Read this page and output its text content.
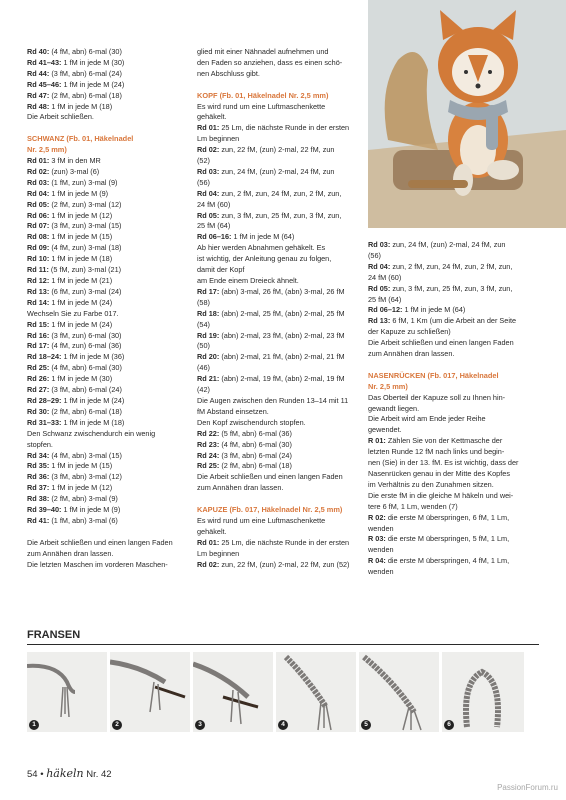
Rd 40: (4 fM, abn) 6-mal (30)

Rd 41–43: 1 fM in jede M (30)

Rd 44: (3 fM, abn) 6-mal (24)

Rd 45–46: 1 fM in jede M (24)

Rd 47: (2 fM, abn) 6-mal (18)

Rd 48: 1 fM in jede M (18)

Die Arbeit schließen.

SCHWANZ (Fb. 01, Häkelnadel

Nr. 2,5 mm)

Rd 01: 3 fM in den MR

Rd 02: (zun) 3-mal (6)

Rd 03: (1 fM, zun) 3-mal (9)

Rd 04: 1 fM in jede M (9)

Rd 05: (2 fM, zun) 3-mal (12)

Rd 06: 1 fM in jede M (12)

Rd 07: (3 fM, zun) 3-mal (15)

Rd 08: 1 fM in jede M (15)

Rd 09: (4 fM, zun) 3-mal (18)

Rd 10: 1 fM in jede M (18)

Rd 11: (5 fM, zun) 3-mal (21)

Rd 12: 1 fM in jede M (21)

Rd 13: (6 fM, zun) 3-mal (24)

Rd 14: 1 fM in jede M (24)

Wechseln Sie zu Farbe 017.

Rd 15: 1 fM in jede M (24)

Rd 16: (3 fM, zun) 6-mal (30)

Rd 17: (4 fM, zun) 6-mal (36)

Rd 18–24: 1 fM in jede M (36)

Rd 25: (4 fM, abn) 6-mal (30)

Rd 26: 1 fM in jede M (30)

Rd 27: (3 fM, abn) 6-mal (24)

Rd 28–29: 1 fM in jede M (24)

Rd 30: (2 fM, abn) 6-mal (18)

Rd 31–33: 1 fM in jede M (18)

Den Schwanz zwischendurch ein wenig

stopfen.

Rd 34: (4 fM, abn) 3-mal (15)

Rd 35: 1 fM in jede M (15)

Rd 36: (3 fM, abn) 3-mal (12)

Rd 37: 1 fM in jede M (12)

Rd 38: (2 fM, abn) 3-mal (9)

Rd 39–40: 1 fM in jede M (9)

Rd 41: (1 fM, abn) 3-mal (6)

Die Arbeit schließen und einen langen Faden

zum Annähen dran lassen.

Die letzten Maschen im vorderen Maschen-

glied mit einer Nähnadel aufnehmen und

den Faden so anziehen, dass es einen schö-

nen Abschluss gibt.

KOPF (Fb. 01, Häkelnadel Nr. 2,5 mm)

Es wird rund um eine Luftmaschenkette

gehäkelt.

Rd 01: 25 Lm, die nächste Runde in der ersten

Lm beginnen

Rd 02: zun, 22 fM, (zun) 2-mal, 22 fM, zun

(52)

Rd 03: zun, 24 fM, (zun) 2-mal, 24 fM, zun

(56)

Rd 04: zun, 2 fM, zun, 24 fM, zun, 2 fM, zun,

24 fM (60)

Rd 05: zun, 3 fM, zun, 25 fM, zun, 3 fM, zun,

25 fM (64)

Rd 06–16: 1 fM in jede M (64)

Ab hier werden Abnahmen gehäkelt. Es

ist wichtig, der Anleitung genau zu folgen,

damit der Kopf

am Ende einem Dreieck ähnelt.

Rd 17: (abn) 3-mal, 26 fM, (abn) 3-mal, 26 fM

(58)

Rd 18: (abn) 2-mal, 25 fM, (abn) 2-mal, 25 fM

(54)

Rd 19: (abn) 2-mal, 23 fM, (abn) 2-mal, 23 fM

(50)

Rd 20: (abn) 2-mal, 21 fM, (abn) 2-mal, 21 fM

(46)

Rd 21: (abn) 2-mal, 19 fM, (abn) 2-mal, 19 fM

(42)

Die Augen zwischen den Runden 13–14 mit 11

fM Abstand einsetzen.

Den Kopf zwischendurch stopfen.

Rd 22: (5 fM, abn) 6-mal (36)

Rd 23: (4 fM, abn) 6-mal (30)

Rd 24: (3 fM, abn) 6-mal (24)

Rd 25: (2 fM, abn) 6-mal (18)

Die Arbeit schließen und einen langen Faden

zum Annähen dran lassen.

KAPUZE (Fb. 017, Häkelnadel Nr. 2,5 mm)

Es wird rund um eine Luftmaschenkette

gehäkelt.

Rd 01: 25 Lm, die nächste Runde in der ersten

Lm beginnen

Rd 02: zun, 22 fM, (zun) 2-mal, 22 fM, zun (52)

Rd 03: zun, 24 fM, (zun) 2-mal, 24 fM, zun

(56)

Rd 04: zun, 2 fM, zun, 24 fM, zun, 2 fM, zun,

24 fM (60)

Rd 05: zun, 3 fM, zun, 25 fM, zun, 3 fM, zun,

25 fM (64)

Rd 06–12: 1 fM in jede M (64)

Rd 13: 6 fM, 1 Km (um die Arbeit an der Seite

der Kapuze zu schließen)

Die Arbeit schließen und einen langen Faden

zum Annähen dran lassen.

NASENRÜCKEN (Fb. 017, Häkelnadel

Nr. 2,5 mm)

Das Oberteil der Kapuze soll zu Ihnen hin-

gewandt liegen.

Die Arbeit wird am Ende jeder Reihe

gewendet.

R 01: Zählen Sie von der Kettmasche der

letzten Runde 12 fM nach links und begin-

nen (Sie) in der 13. fM. Es ist wichtig, dass der

Nasenrücken genau in der Mitte des Kopfes

im Verhältnis zu den Zunahmen sitzen.

Die erste fM in die gleiche M häkeln und wei-

tere 6 fM, 1 Lm, wenden (7)

R 02: die erste M überspringen, 6 fM, 1 Lm,

wenden

R 03: die erste M überspringen, 5 fM, 1 Lm,

wenden

R 04: die erste M überspringen, 4 fM, 1 Lm,

wenden

FRANSEN
1	2	3	4	5	6
54 • häkeln Nr. 42
PassionForum.ru
